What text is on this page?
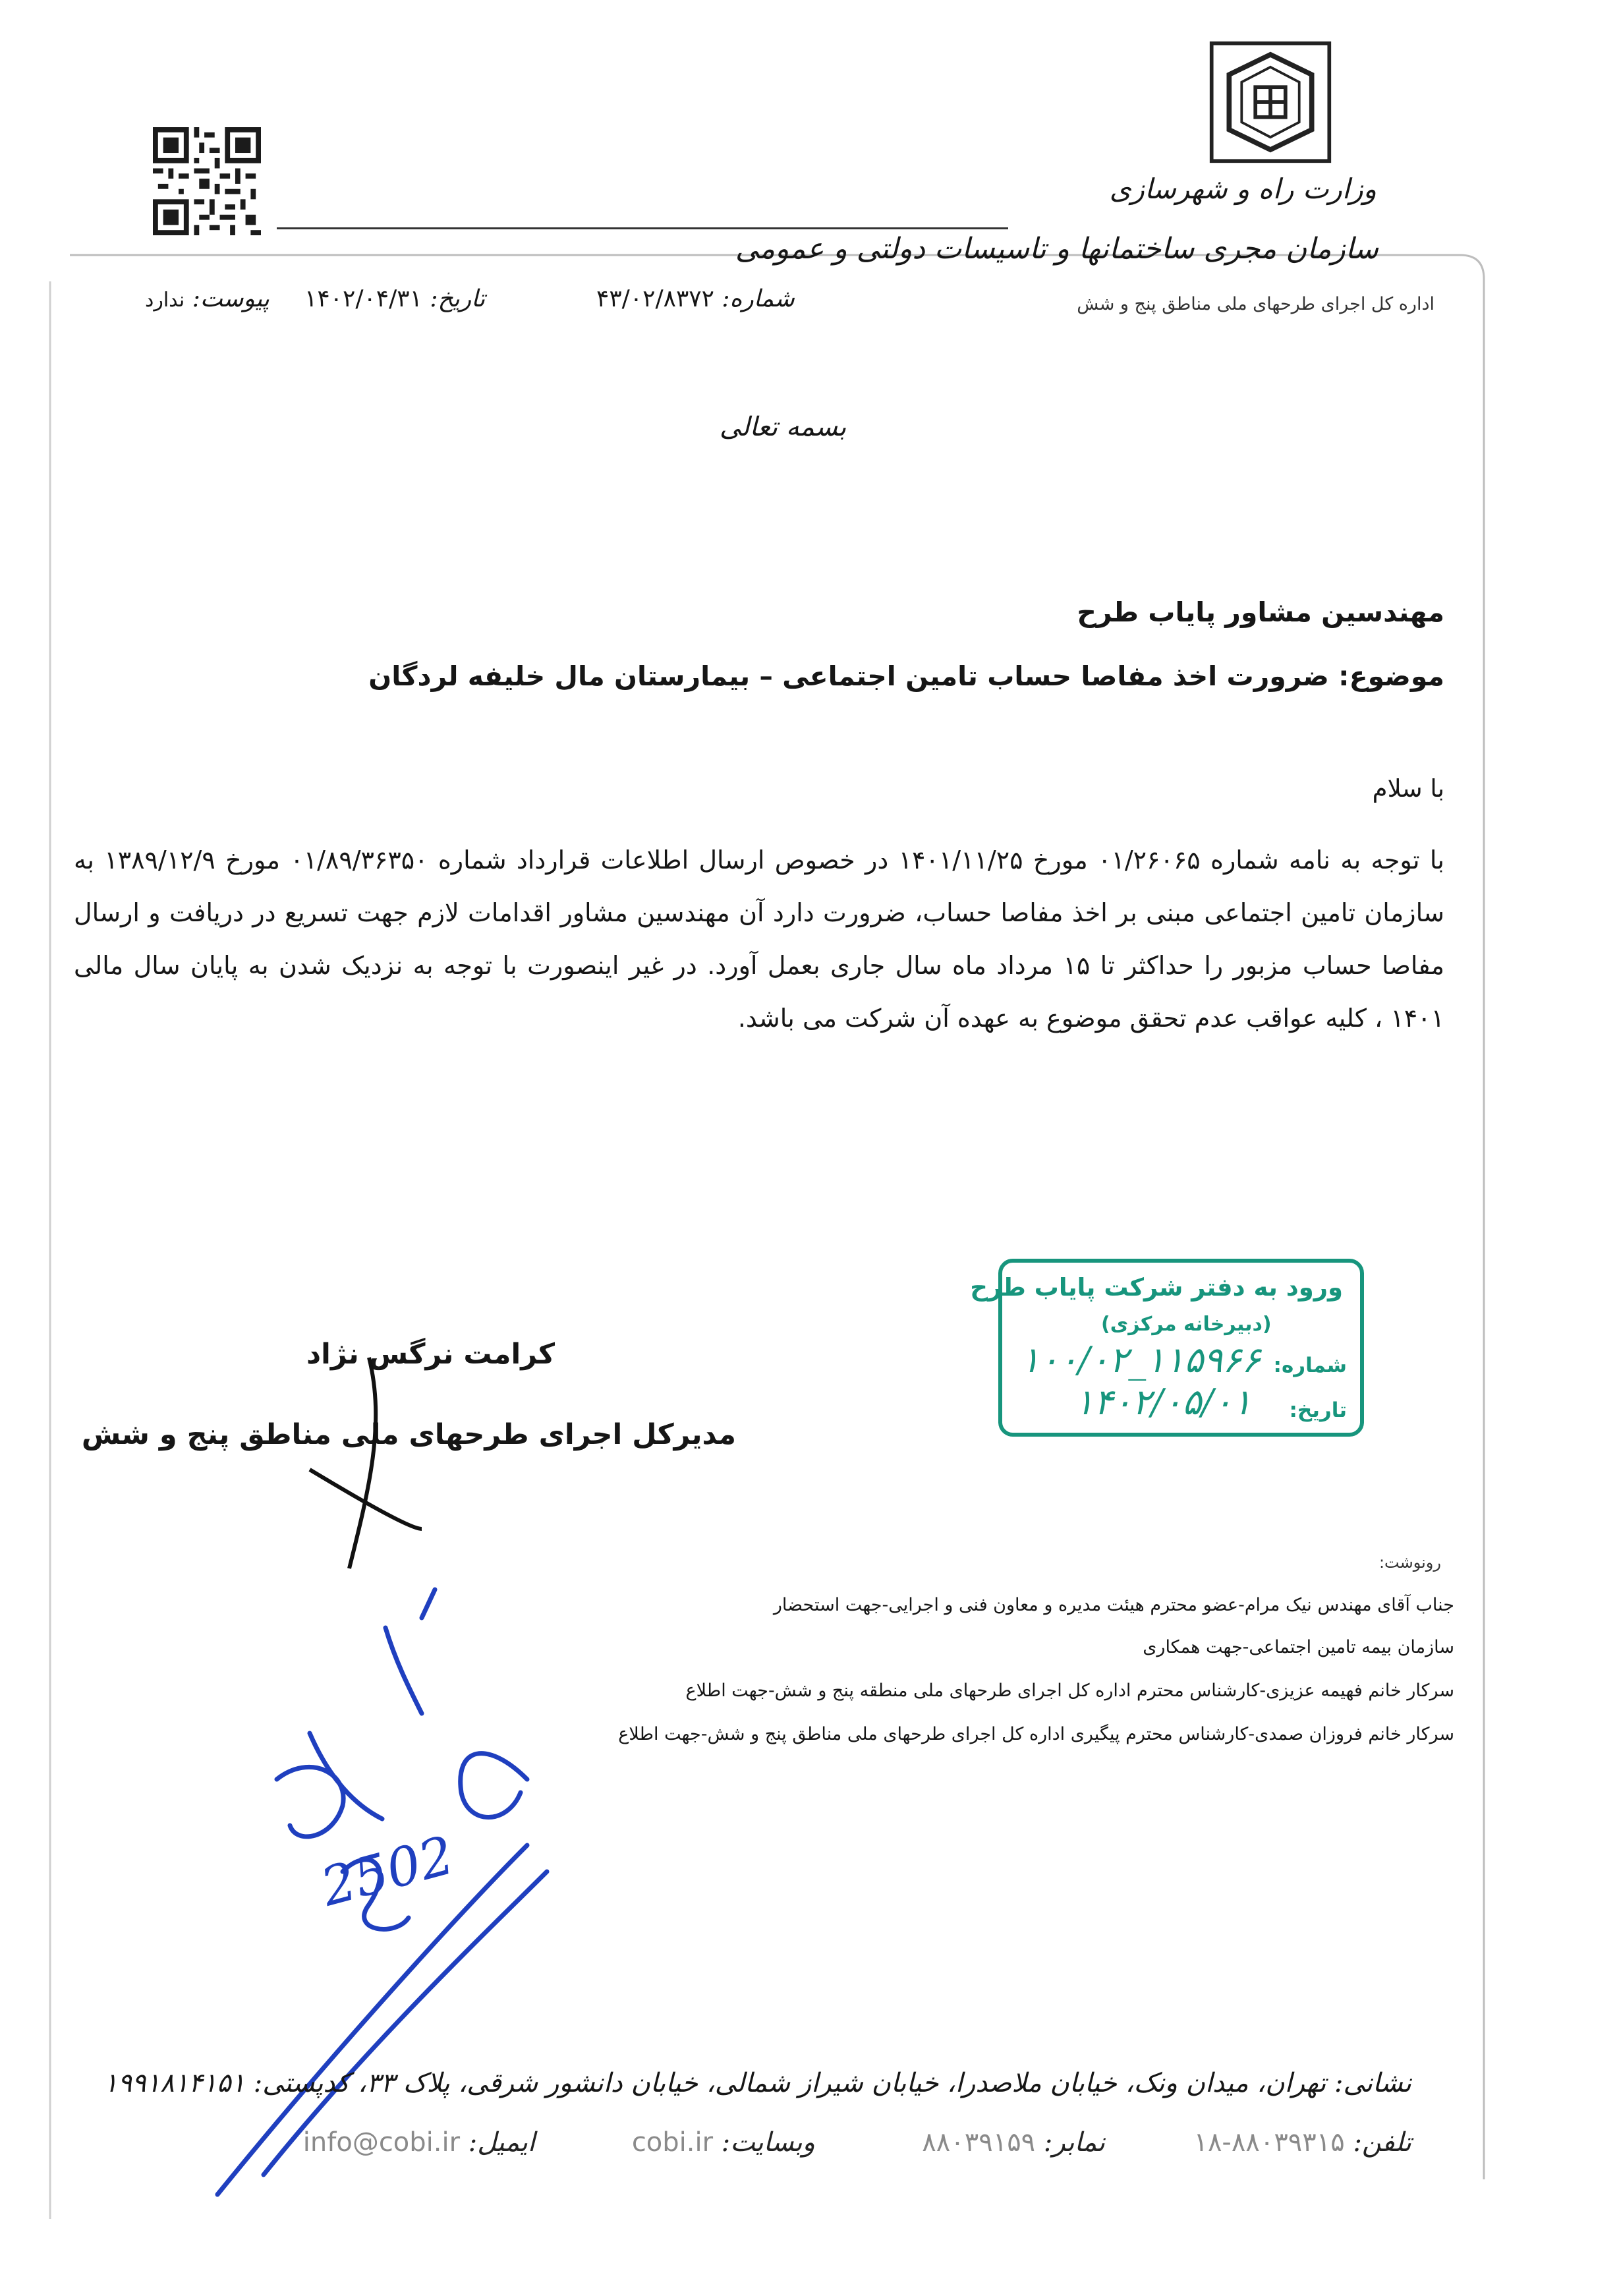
وزارت راه و شهرسازی
سازمان مجری ساختمانها و تاسیسات دولتی و عمومی
اداره کل اجرای طرحهای ملی مناطق پنج و شش
شماره: ۴۳/۰۲/۸۳۷۲
تاریخ: ۱۴۰۲/۰۴/۳۱
پیوست: ندارد
بسمه تعالی
مهندسین مشاور پایاب طرح
موضوع: ضرورت اخذ مفاصا حساب تامین اجتماعی – بیمارستان مال خلیفه لردگان
با سلام
با توجه به نامه شماره ۰۱/۲۶۰۶۵ مورخ ۱۴۰۱/۱۱/۲۵ در خصوص ارسال اطلاعات قرارداد شماره ۰۱/۸۹/۳۶۳۵۰ مورخ ۱۳۸۹/۱۲/۹ به سازمان تامین اجتماعی مبنی بر اخذ مفاصا حساب، ضرورت دارد آن مهندسین مشاور اقدامات لازم جهت تسریع در دریافت و ارسال مفاصا حساب مزبور را حداکثر تا ۱۵ مرداد ماه سال جاری بعمل آورد. در غیر اینصورت با توجه به نزدیک شدن به پایان سال مالی ۱۴۰۱ ، کلیه عواقب عدم تحقق موضوع به عهده آن شرکت می باشد.
ورود به دفتر شرکت پایاب طرح
(دبیرخانه مرکزی)
شماره:
۱۰۰/۰۲_۱۱۵۹۶۶
تاریخ:
۱۴۰۲/۰۵/۰۱
کرامت نرگس نژاد
مدیرکل اجرای طرحهای ملی مناطق پنج و شش
2502
رونوشت:
جناب آقای مهندس نیک مرام-عضو محترم هیئت مدیره و معاون فنی و اجرایی-جهت استحضار
سازمان بیمه تامین اجتماعی-جهت همکاری
سرکار خانم فهیمه عزیزی-کارشناس محترم اداره کل اجرای طرحهای ملی منطقه پنج و شش-جهت اطلاع
سرکار خانم فروزان صمدی-کارشناس محترم پیگیری اداره کل اجرای طرحهای ملی مناطق پنج و شش-جهت اطلاع
نشانی: تهران، میدان ونک، خیابان ملاصدرا، خیابان شیراز شمالی، خیابان دانشور شرقی، پلاک ۳۳، کدپستی: ۱۹۹۱۸۱۴۱۵۱
تلفن: ۸۸۰۳۹۳۱۵-۱۸
نمابر: ۸۸۰۳۹۱۵۹
وبسایت: cobi.ir
ایمیل: info@cobi.ir
